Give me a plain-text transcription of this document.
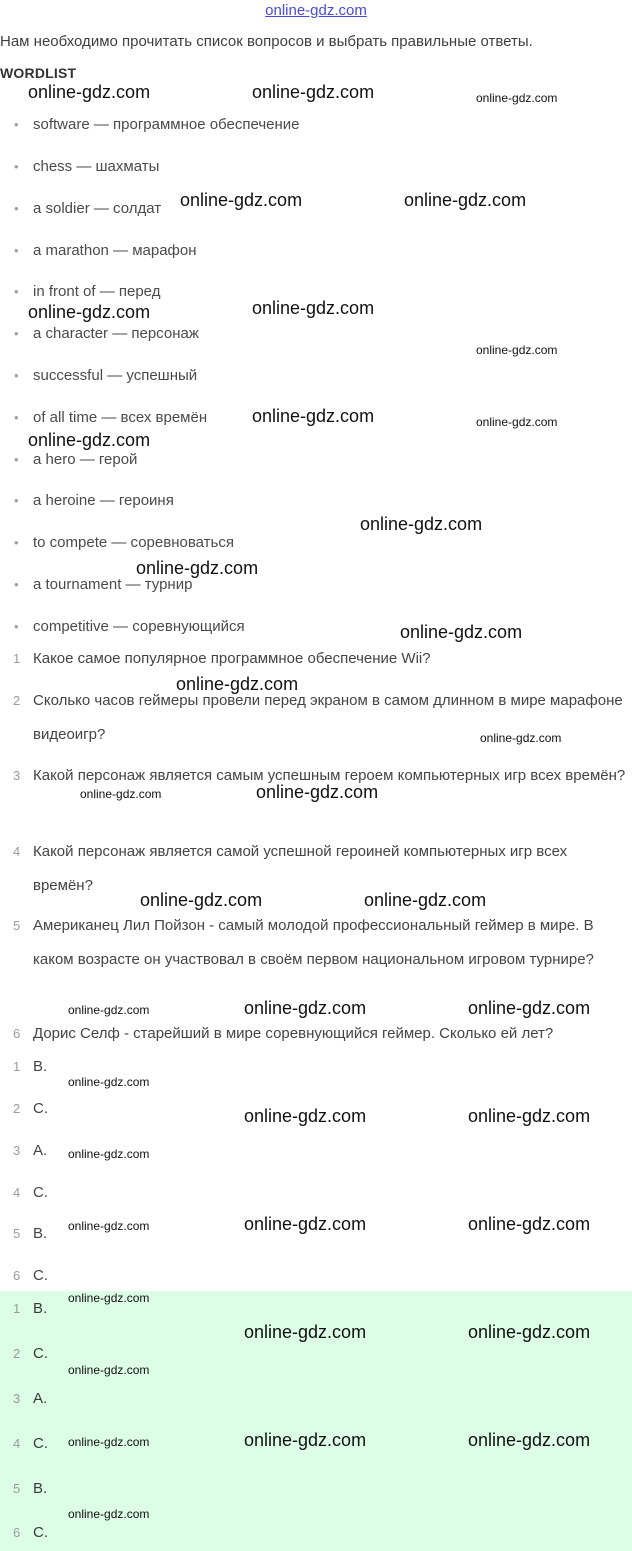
online-gdz.com
Нам необходимо прочитать список вопросов и выбрать правильные ответы.
WORDLIST
• software — программное обеспечение
• chess — шахматы
• a soldier — солдат
• a marathon — марафон
• in front of — перед
• a character — персонаж
• successful — успешный
• of all time — всех времён
• a hero — герой
• a heroine — героиня
• to compete — соревноваться
• a tournament — турнир
• competitive — соревнующийся
1 Какое самое популярное программное обеспечение Wii?
2 Сколько часов геймеры провели перед экраном в самом длинном в мире марафоне видеоигр?
3 Какой персонаж является самым успешным героем компьютерных игр всех времён?
4 Какой персонаж является самой успешной героиней компьютерных игр всех времён?
5 Американец Лил Пойзон - самый молодой профессиональный геймер в мире. В каком возрасте он участвовал в своём первом национальном игровом турнире?
6 Дорис Селф - старейший в мире соревнующийся геймер. Сколько ей лет?
1 B.
2 C.
3 A.
4 C.
5 B.
6 C.
1 B.
2 C.
3 A.
4 C.
5 B.
6 C.
online-gdz.com	online-gdz.com	online-gdz.com
online-gdz.com	online-gdz.com
online-gdz.com
online-gdz.com
online-gdz.com
online-gdz.com	online-gdz.com
online-gdz.com
online-gdz.com
online-gdz.com
online-gdz.com
online-gdz.com
online-gdz.com
online-gdz.com	online-gdz.com
online-gdz.com	online-gdz.com
online-gdz.com	online-gdz.com	online-gdz.com
online-gdz.com
online-gdz.com	online-gdz.com
online-gdz.com
online-gdz.com	online-gdz.com	online-gdz.com
online-gdz.com
online-gdz.com	online-gdz.com
online-gdz.com
online-gdz.com	online-gdz.com	online-gdz.com
online-gdz.com
